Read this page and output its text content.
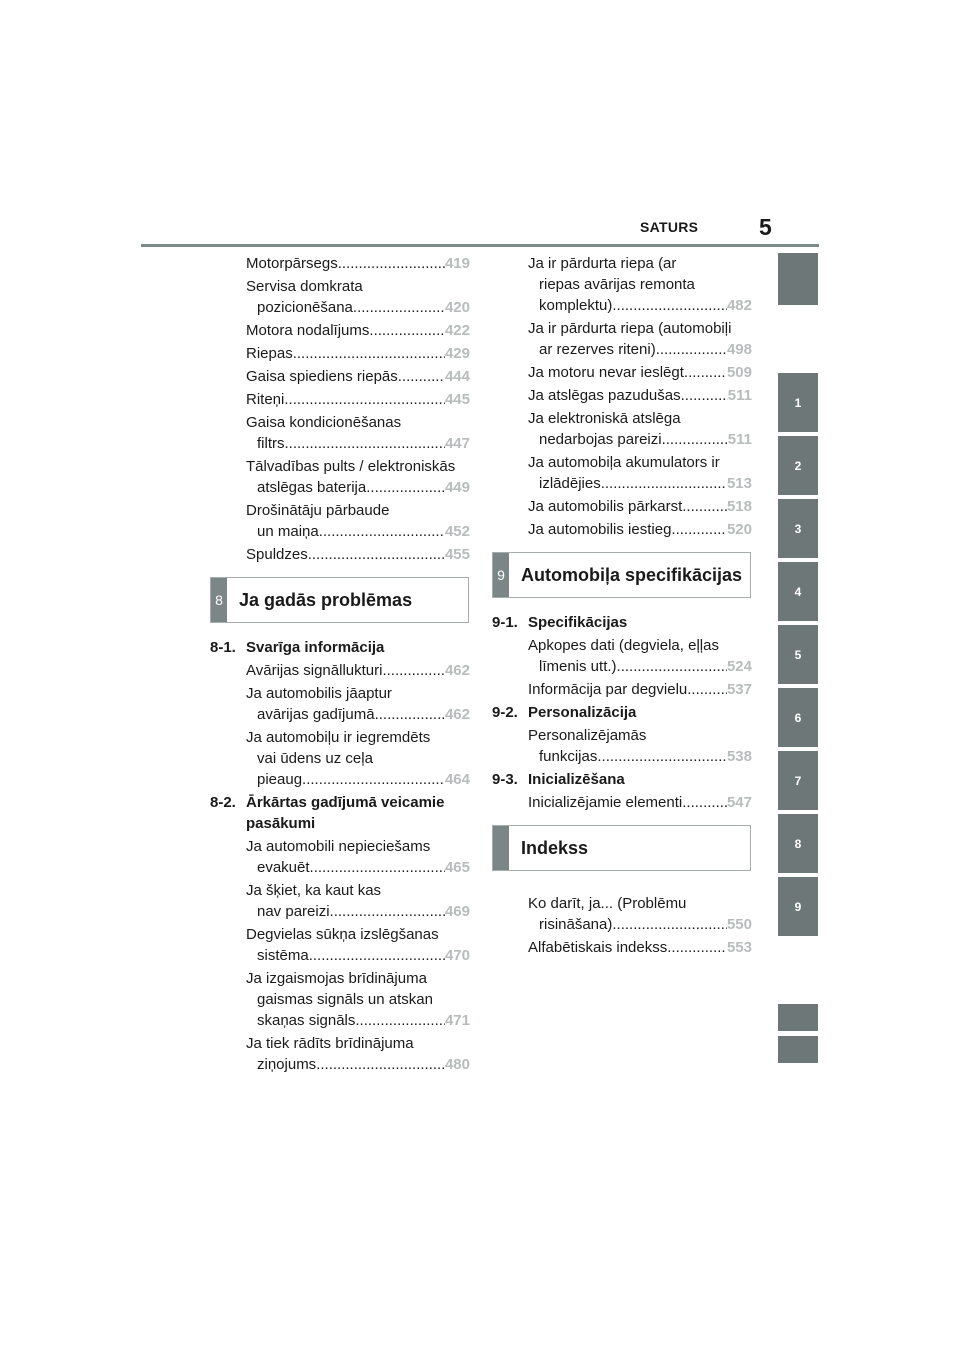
SATURS	5
Motorpārsegs .....	419
Servisa domkrata
pozicionēšana .....	420
Motora nodalījums .....	422
Riepas .....	429
Gaisa spiediens riepās .....	444
Riteņi .....	445
Gaisa kondicionēšanas
filtrs .....	447
Tālvadības pults / elektroniskās
atslēgas baterija .....	449
Drošinātāju pārbaude
un maiņa .....	452
Spuldzes .....	455
8 Ja gadās problēmas
8-1. Svarīga informācija
Avārijas signāllukturi .....	462
Ja automobilis jāaptur
avārijas gadījumā .....	462
Ja automobiļu ir iegremdēts
vai ūdens uz ceļa
pieaug .....	464
8-2. Ārkārtas gadījumā veicamie
pasākumi
Ja automobili nepieciešams
evakuēt .....	465
Ja šķiet, ka kaut kas
nav pareizi .....	469
Degvielas sūkņa izslēgšanas
sistēma .....	470
Ja izgaismojas brīdinājuma
gaismas signāls un atskan
skaņas signāls .....	471
Ja tiek rādīts brīdinājuma
ziņojums .....	480
Ja ir pārdurta riepa (ar
riepas avārijas remonta
komplektu) .....	482
Ja ir pārdurta riepa (automobiļi
ar rezerves riteni) .....	498
Ja motoru nevar ieslēgt .....	509
Ja atslēgas pazudušas .....	511
Ja elektroniskā atslēga
nedarbojas pareizi .....	511
Ja automobiļa akumulators ir
izlādējies .....	513
Ja automobilis pārkarst .....	518
Ja automobilis iestieg .....	520
9 Automobiļa specifikācijas
9-1. Specifikācijas
Apkopes dati (degviela, eļļas
līmenis utt.) .....	524
Informācija par degvielu .....	537
9-2. Personalizācija
Personalizējamās
funkcijas .....	538
9-3. Inicializēšana
Inicializējamie elementi .....	547
Indekss
Ko darīt, ja... (Problēmu
risināšana) .....	550
Alfabētiskais indekss .....	553
1
2
3
4
5
6
7
8
9
